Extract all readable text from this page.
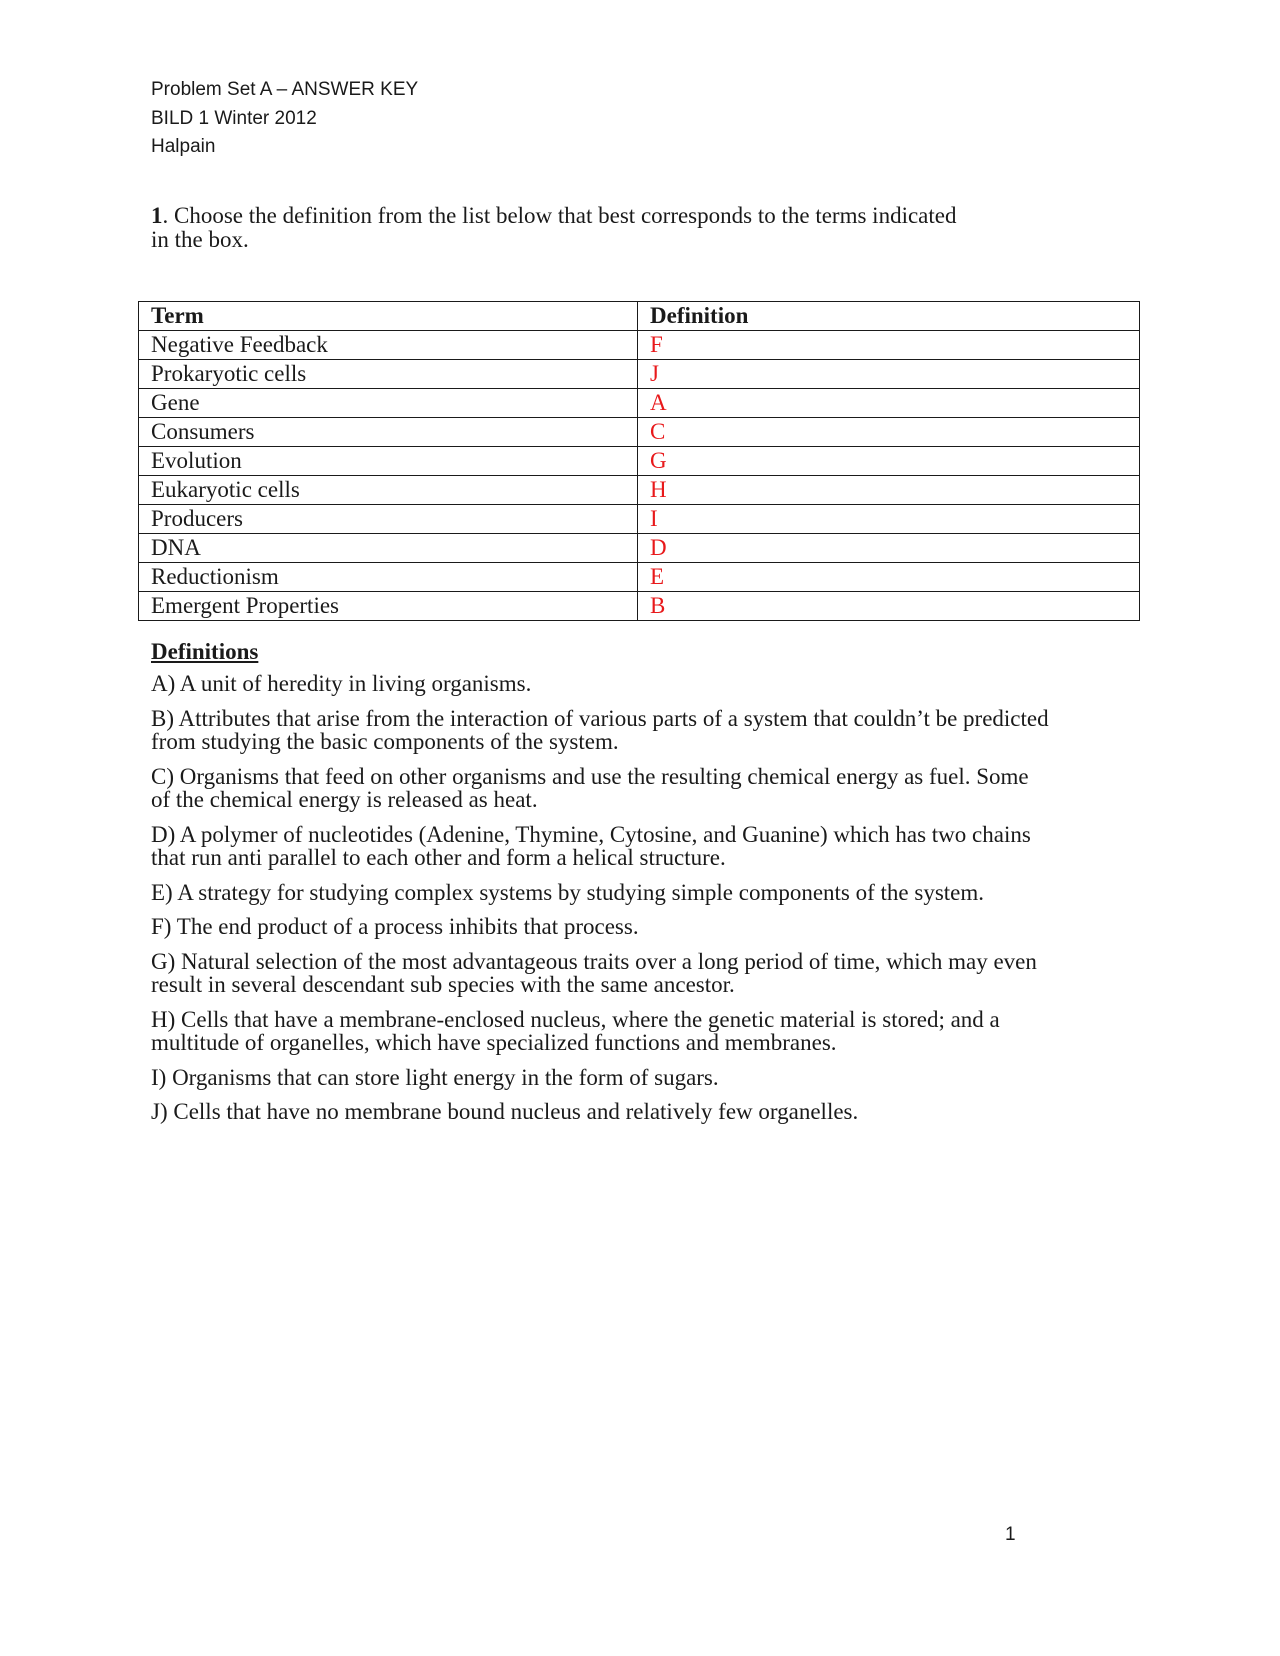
Problem Set A – ANSWER KEY
BILD 1 Winter 2012
Halpain
1. Choose the definition from the list below that best corresponds to the terms indicated in the box.
Term	Definition
Negative Feedback	F
Prokaryotic cells	J
Gene	A
Consumers	C
Evolution	G
Eukaryotic cells	H
Producers	I
DNA	D
Reductionism	E
Emergent Properties	B
Definitions
A) A unit of heredity in living organisms.
B) Attributes that arise from the interaction of various parts of a system that couldn’t be predicted from studying the basic components of the system.
C) Organisms that feed on other organisms and use the resulting chemical energy as fuel. Some of the chemical energy is released as heat.
D) A polymer of nucleotides (Adenine, Thymine, Cytosine, and Guanine) which has two chains that run anti parallel to each other and form a helical structure.
E) A strategy for studying complex systems by studying simple components of the system.
F) The end product of a process inhibits that process.
G) Natural selection of the most advantageous traits over a long period of time, which may even result in several descendant sub species with the same ancestor.
H) Cells that have a membrane-enclosed nucleus, where the genetic material is stored; and a multitude of organelles, which have specialized functions and membranes.
I) Organisms that can store light energy in the form of sugars.
J) Cells that have no membrane bound nucleus and relatively few organelles.
1
